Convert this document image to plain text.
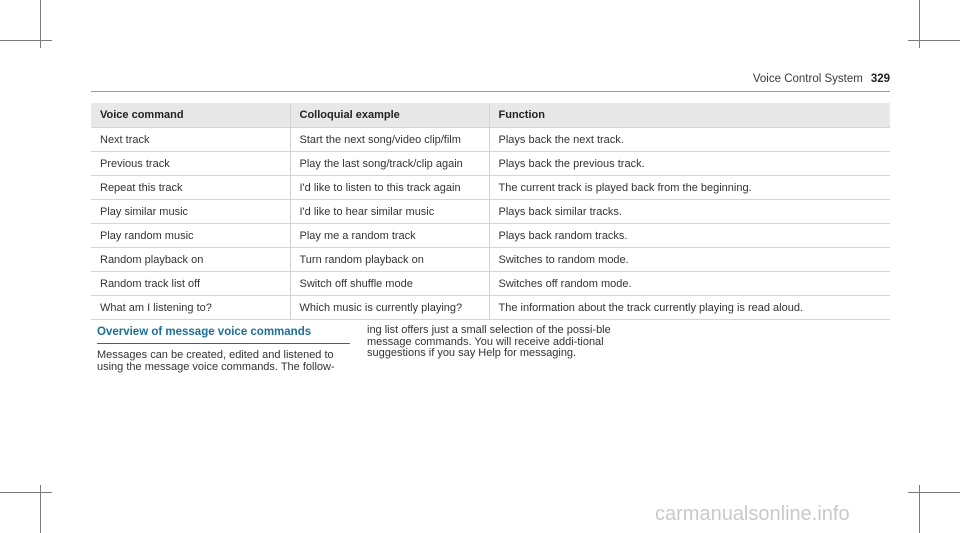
Voice Control System 329
Voice command	Colloquial example	Function
Next track	Start the next song/video clip/film	Plays back the next track.
Previous track	Play the last song/track/clip again	Plays back the previous track.
Repeat this track	I'd like to listen to this track again	The current track is played back from the beginning.
Play similar music	I'd like to hear similar music	Plays back similar tracks.
Play random music	Play me a random track	Plays back random tracks.
Random playback on	Turn random playback on	Switches to random mode.
Random track list off	Switch off shuffle mode	Switches off random mode.
What am I listening to?	Which music is currently playing?	The information about the track currently playing is read aloud.
Overview of message voice commands
Messages can be created, edited and listened to using the message voice commands. The follow-
ing list offers just a small selection of the possi-ble message commands. You will receive addi-tional suggestions if you say Help for messaging.
carmanualsonline.info
